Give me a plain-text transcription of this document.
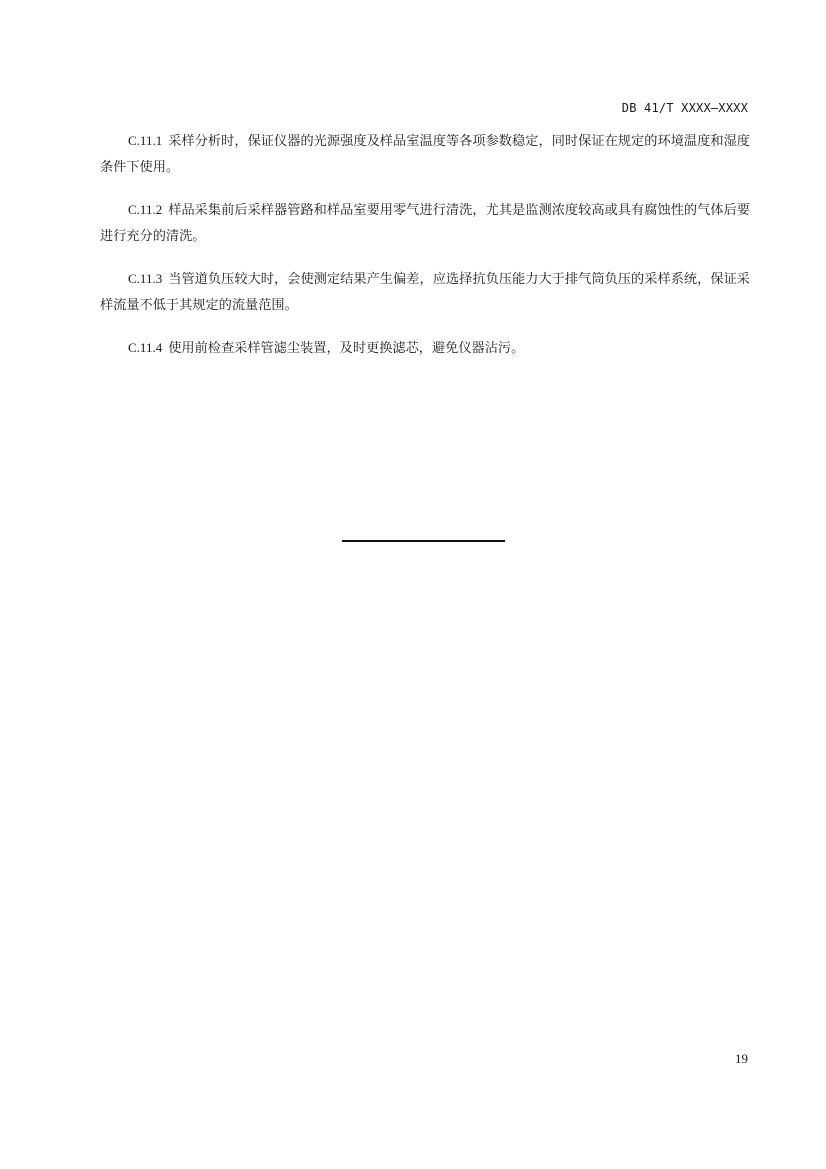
DB 41/T XXXX—XXXX

C.11.1 采样分析时，保证仪器的光源强度及样品室温度等各项参数稳定，同时保证在规定的环境温度和湿度条件下使用。

C.11.2 样品采集前后采样器管路和样品室要用零气进行清洗，尤其是监测浓度较高或具有腐蚀性的气体后要进行充分的清洗。

C.11.3 当管道负压较大时，会使测定结果产生偏差，应选择抗负压能力大于排气筒负压的采样系统，保证采样流量不低于其规定的流量范围。

C.11.4 使用前检查采样管滤尘装置，及时更换滤芯，避免仪器沾污。

19
